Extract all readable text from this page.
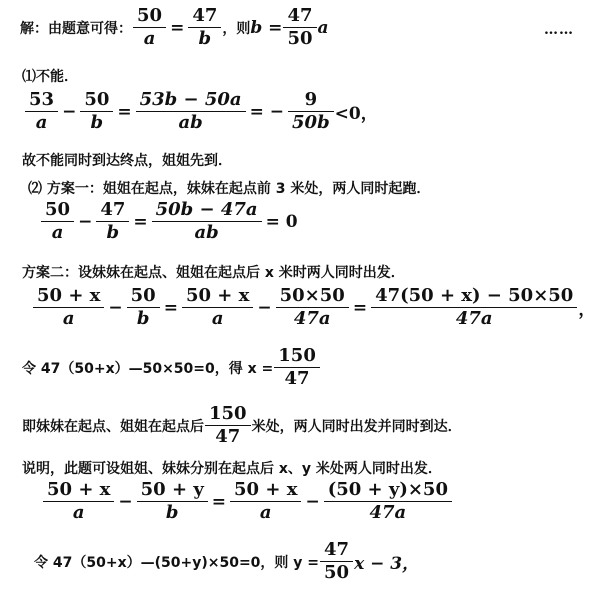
解：由题意可得： $\frac{50}{a} = \frac{47}{b}$ ，则 $b = \frac{47}{50}$ a	……
⑴不能．
$\frac{53}{a} - \frac{50}{b} = \frac{53b - 50a}{ab}$ = − $\frac{9}{50b} <0$，
故不能同时到达终点，姐姐先到．
⑵ 方案一：姐姐在起点，妹妹在起点前 3 米处，两人同时起跑．
$\frac{50}{a} - \frac{47}{b} = \frac{50b - 47a}{ab} = 0$
方案二：设妹妹在起点、姐姐在起点后 x 米时两人同时出发．
$\frac{50 + x}{a} - \frac{50}{b} = \frac{50 + x}{a} - \frac{50\times 50}{47a} = \frac{47(50 + x) - 50\times 50}{47a}$ ，
令 47（50+x）—50×50=0，得 $x = \frac{150}{47}$
即妹妹在起点、姐姐在起点后 $\frac{150}{47}$ 米处，两人同时出发并同时到达．
说明，此题可设姐姐、妹妹分别在起点后 x、y 米处两人同时出发．
$\frac{50 + x}{a} - \frac{50 + y}{b} = \frac{50 + x}{a} - \frac{(50 + y)\times 50}{47a}$
令 47（50+x）—(50+y)×50=0，则 $y = \frac{47}{50}$ x − 3，
